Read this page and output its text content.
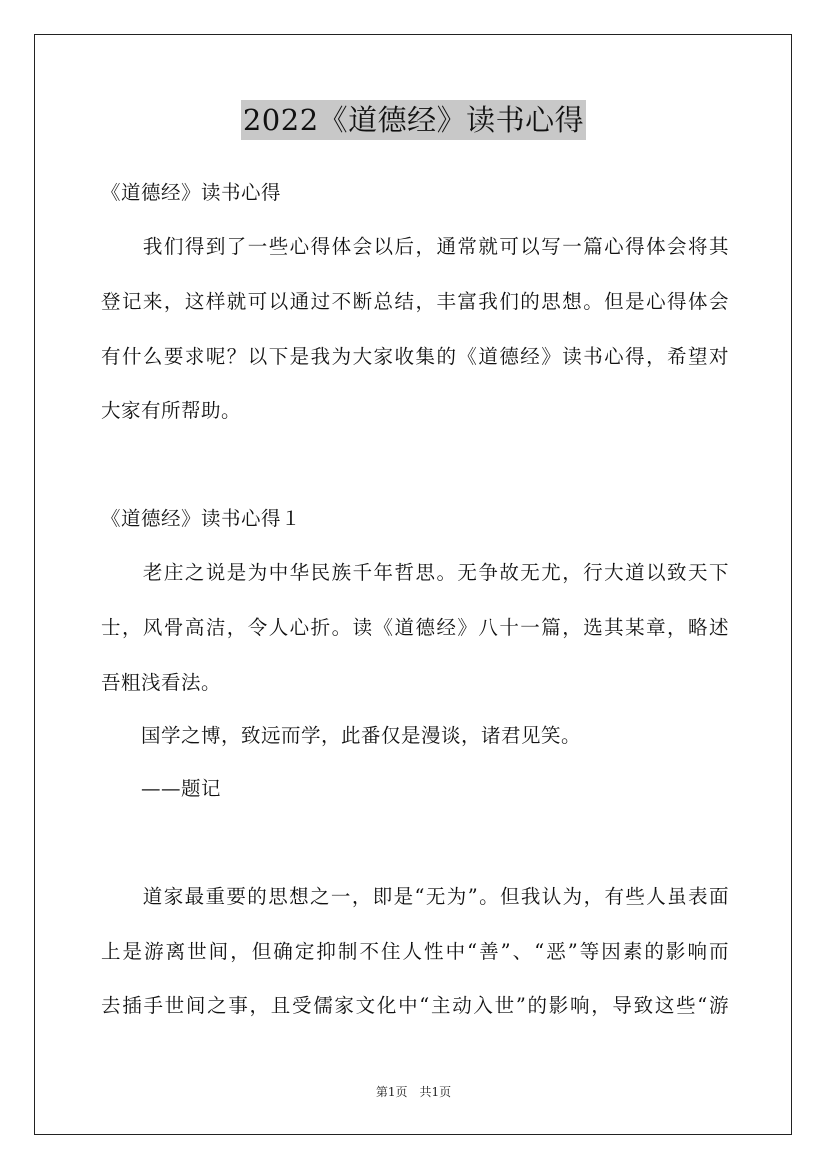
2022《道德经》读书心得
《道德经》读书心得
　　我们得到了一些心得体会以后，通常就可以写一篇心得体会将其
登记来，这样就可以通过不断总结，丰富我们的思想。但是心得体会
有什么要求呢？以下是我为大家收集的《道德经》读书心得，希望对
大家有所帮助。
《道德经》读书心得１
　　老庄之说是为中华民族千年哲思。无争故无尤，行大道以致天下
士，风骨高洁，令人心折。读《道德经》八十一篇，选其某章，略述
吾粗浅看法。
　　国学之博，致远而学，此番仅是漫谈，诸君见笑。
　　——题记
　　道家最重要的思想之一，即是“无为”。但我认为，有些人虽表面
上是游离世间，但确定抑制不住人性中“善”、“恶”等因素的影响而
去插手世间之事，且受儒家文化中“主动入世”的影响，导致这些“游
第1页　共1页
